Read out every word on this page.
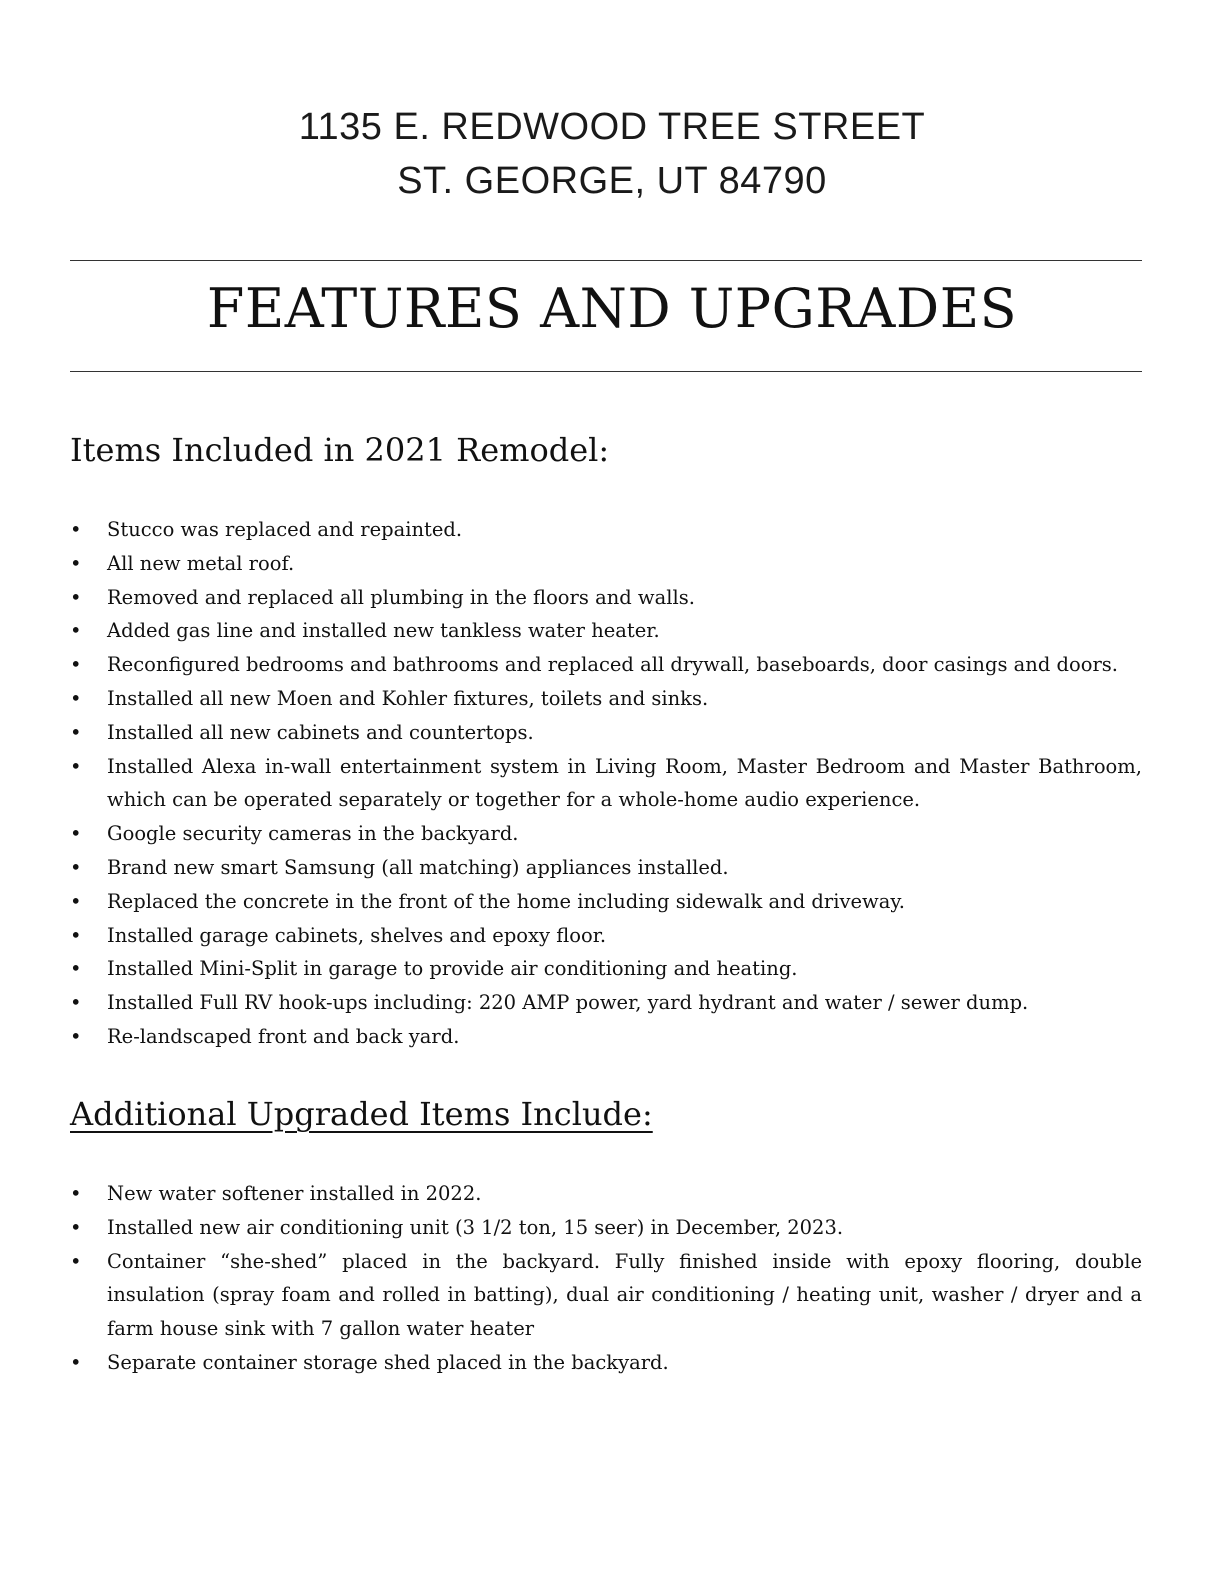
1135 E. REDWOOD TREE STREET
ST. GEORGE, UT 84790
FEATURES AND UPGRADES
Items Included in 2021 Remodel:
• Stucco was replaced and repainted.
• All new metal roof.
• Removed and replaced all plumbing in the floors and walls.
• Added gas line and installed new tankless water heater.
• Reconfigured bedrooms and bathrooms and replaced all drywall, baseboards, door casings and doors.
• Installed all new Moen and Kohler fixtures, toilets and sinks.
• Installed all new cabinets and countertops.
• Installed Alexa in-wall entertainment system in Living Room, Master Bedroom and Master Bathroom, which can be operated separately or together for a whole-home audio experience.
• Google security cameras in the backyard.
• Brand new smart Samsung (all matching) appliances installed.
• Replaced the concrete in the front of the home including sidewalk and driveway.
• Installed garage cabinets, shelves and epoxy floor.
• Installed Mini-Split in garage to provide air conditioning and heating.
• Installed Full RV hook-ups including: 220 AMP power, yard hydrant and water / sewer dump.
• Re-landscaped front and back yard.
Additional Upgraded Items Include:
• New water softener installed in 2022.
• Installed new air conditioning unit (3 1/2 ton, 15 seer) in December, 2023.
• Container “she-shed” placed in the backyard. Fully finished inside with epoxy flooring, double insulation (spray foam and rolled in batting), dual air conditioning / heating unit, washer / dryer and a farm house sink with 7 gallon water heater
• Separate container storage shed placed in the backyard.
